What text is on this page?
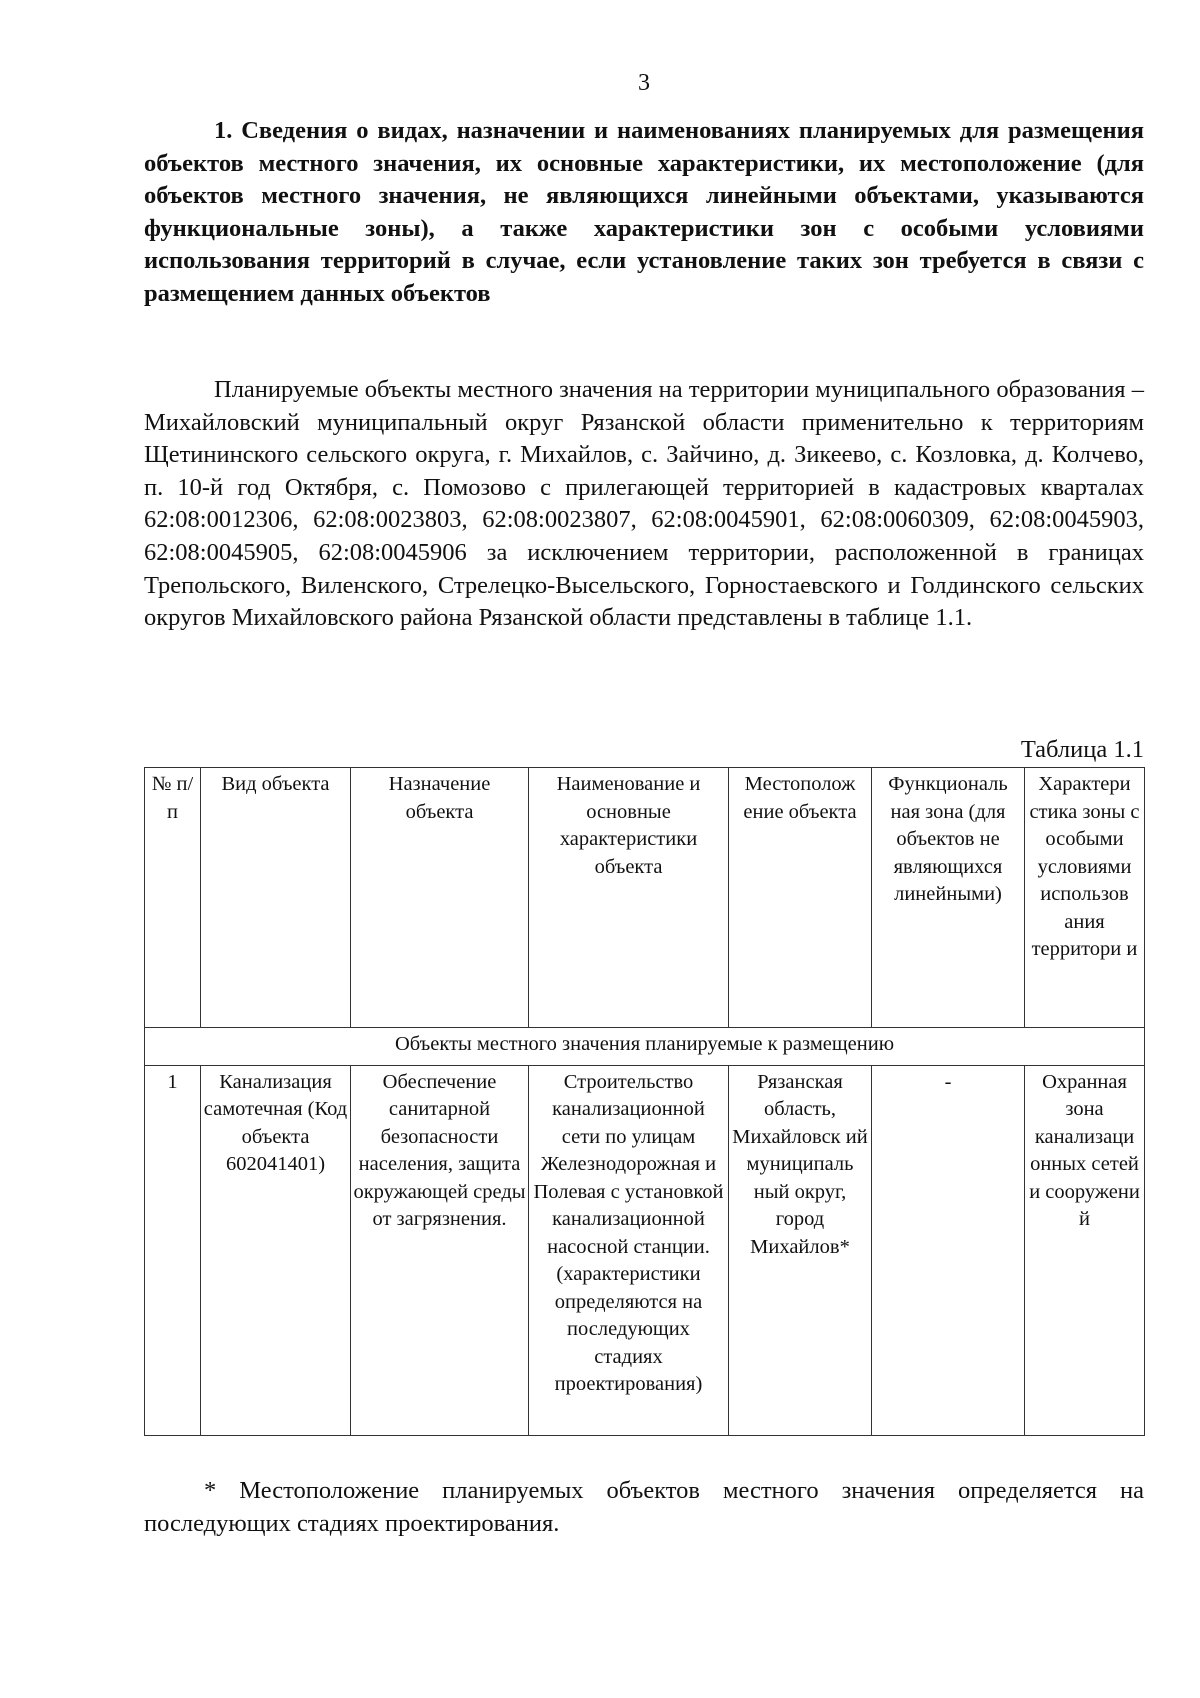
3

1. Сведения о видах, назначении и наименованиях планируемых для размещения объектов местного значения, их основные характеристики, их местоположение (для объектов местного значения, не являющихся линейными объектами, указываются функциональные зоны), а также характеристики зон с особыми условиями использования территорий в случае, если установление таких зон требуется в связи с размещением данных объектов

Планируемые объекты местного значения на территории муниципального образования – Михайловский муниципальный округ Рязанской области применительно к территориям Щетининского сельского округа, г. Михайлов, с. Зайчино, д. Зикеево, с. Козловка, д. Колчево, п. 10-й год Октября, с. Помозово с прилегающей территорией в кадастровых кварталах 62:08:0012306, 62:08:0023803, 62:08:0023807, 62:08:0045901, 62:08:0060309, 62:08:0045903, 62:08:0045905, 62:08:0045906 за исключением территории, расположенной в границах Трепольского, Виленского, Стрелецко-Высельского, Горностаевского и Голдинского сельских округов Михайловского района Рязанской области представлены в таблице 1.1.

Таблица 1.1
№ п/п	Вид объекта	Назначение объекта	Наименование и основные характеристики объекта	Местополож ение объекта	Функциональ ная зона (для объектов не являющихся линейными)	Характери стика зоны с особыми условиями использов ания территори и
Объекты местного значения планируемые к размещению						
1	Канализация самотечная (Код объекта 602041401)	Обеспечение санитарной безопасности населения, защита окружающей среды от загрязнения.	Строительство канализационной сети по улицам Железнодорожная и Полевая с установкой канализационной насосной станции. (характеристики определяются на последующих стадиях проектирования)	Рязанская область, Михайловск ий муниципаль ный округ, город Михайлов*	-	Охранная зона канализаци онных сетей и сооружени й

* Местоположение планируемых объектов местного значения определяется на последующих стадиях проектирования.
